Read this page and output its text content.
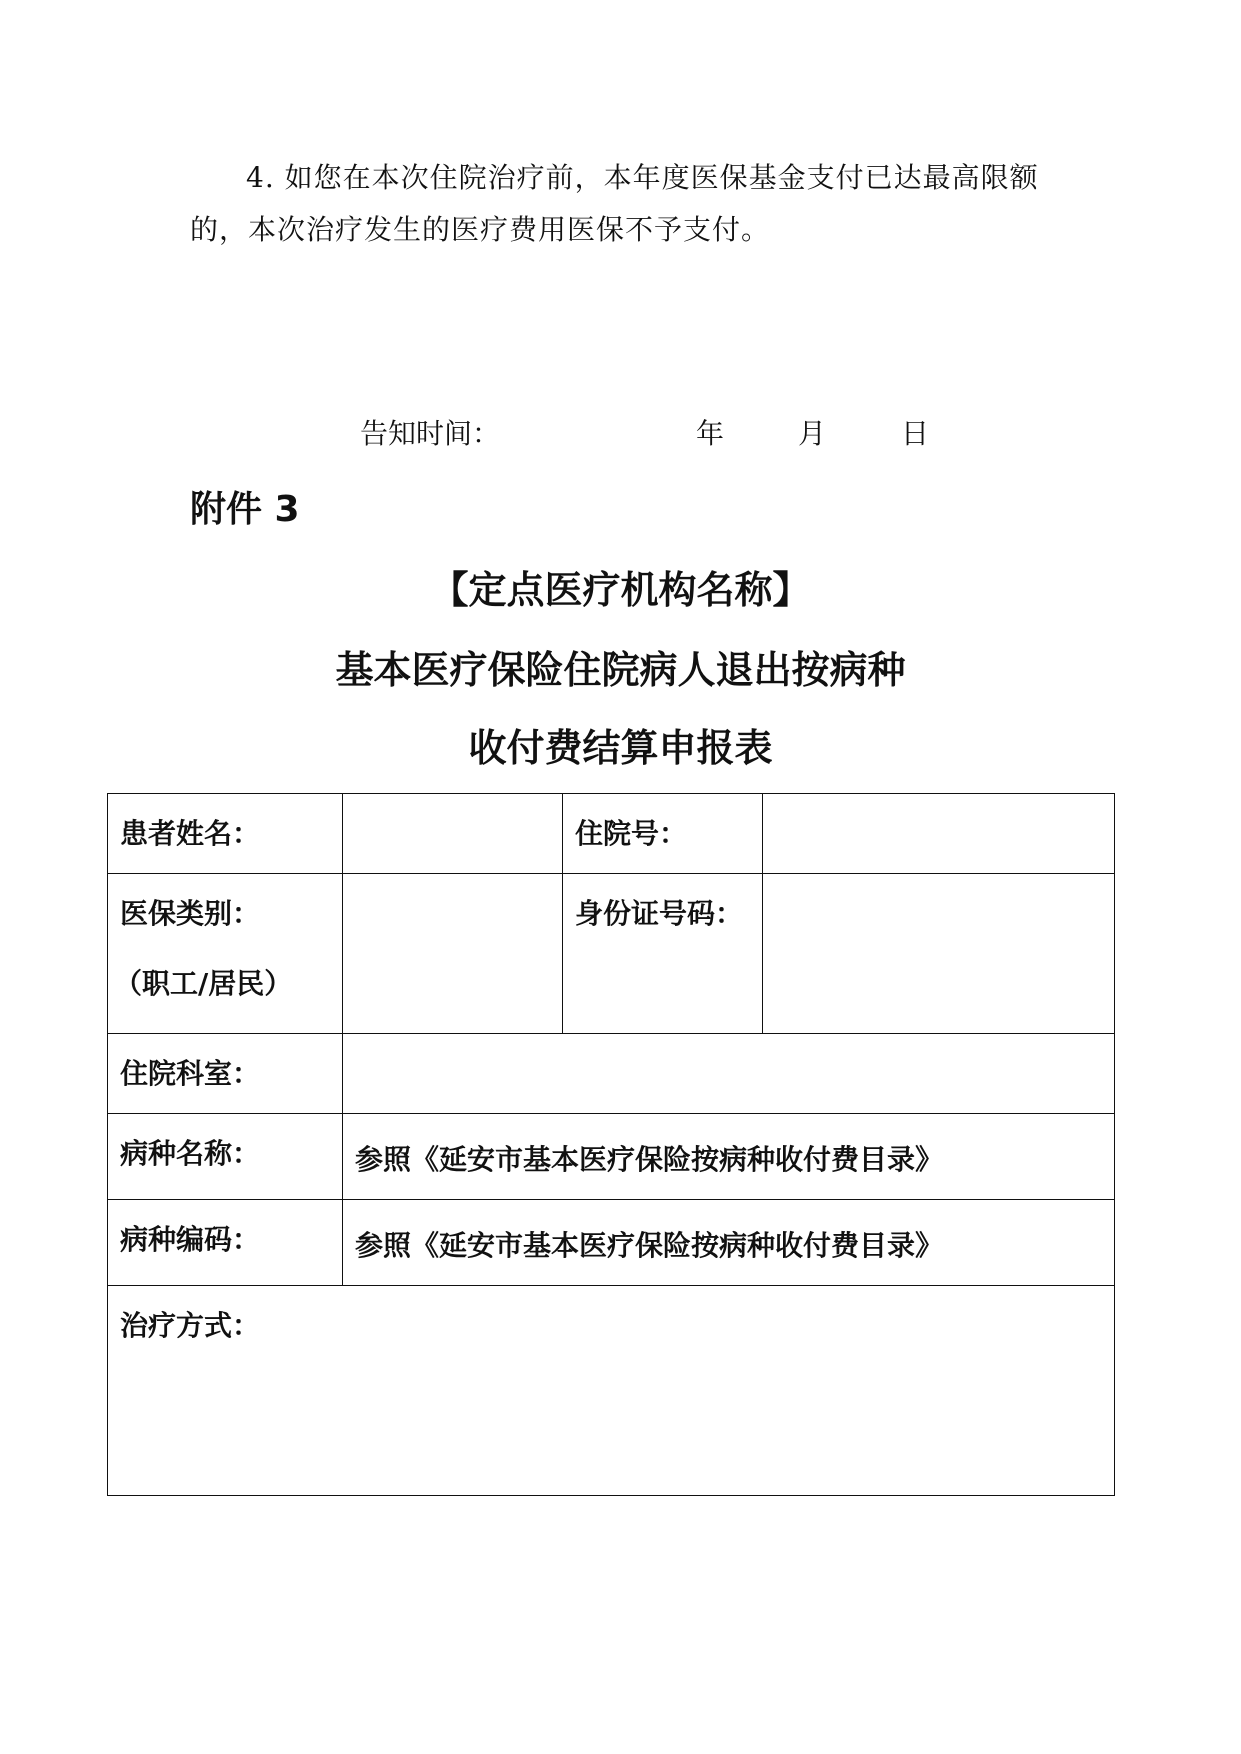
4. 如您在本次住院治疗前，本年度医保基金支付已达最高限额
的，本次治疗发生的医疗费用医保不予支付。

告知时间：	年	月	日

附件 3

【定点医疗机构名称】
基本医疗保险住院病人退出按病种
收付费结算申报表
患者姓名：		住院号：	
医保类别：
（职工/居民）		身份证号码：	
住院科室：			
病种名称：	参照《延安市基本医疗保险按病种收付费目录》		
病种编码：	参照《延安市基本医疗保险按病种收付费目录》		
治疗方式：			
